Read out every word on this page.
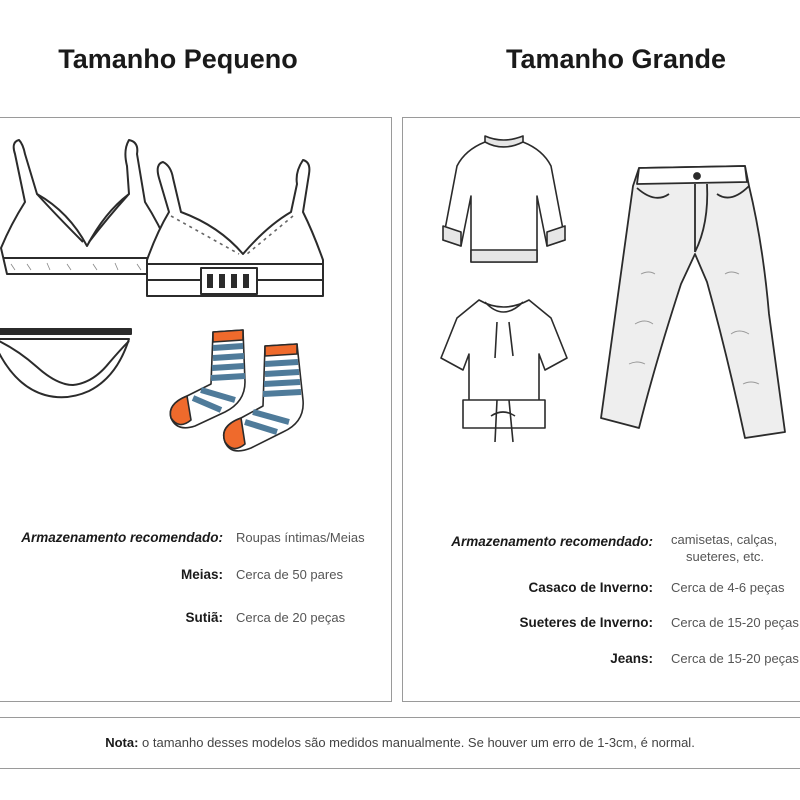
Tamanho Pequeno	Tamanho Grande
Armazenamento recomendado: Roupas íntimas/Meias
Meias: Cerca de 50 pares
Sutiã: Cerca de 20 peças
Armazenamento recomendado: camisetas, calças,
sueteres, etc.
Casaco de Inverno: Cerca de 4-6 peças
Sueteres de Inverno: Cerca de 15-20 peças
Jeans: Cerca de 15-20 peças
Nota: o tamanho desses modelos são medidos manualmente. Se houver um erro de 1-3cm, é normal.
